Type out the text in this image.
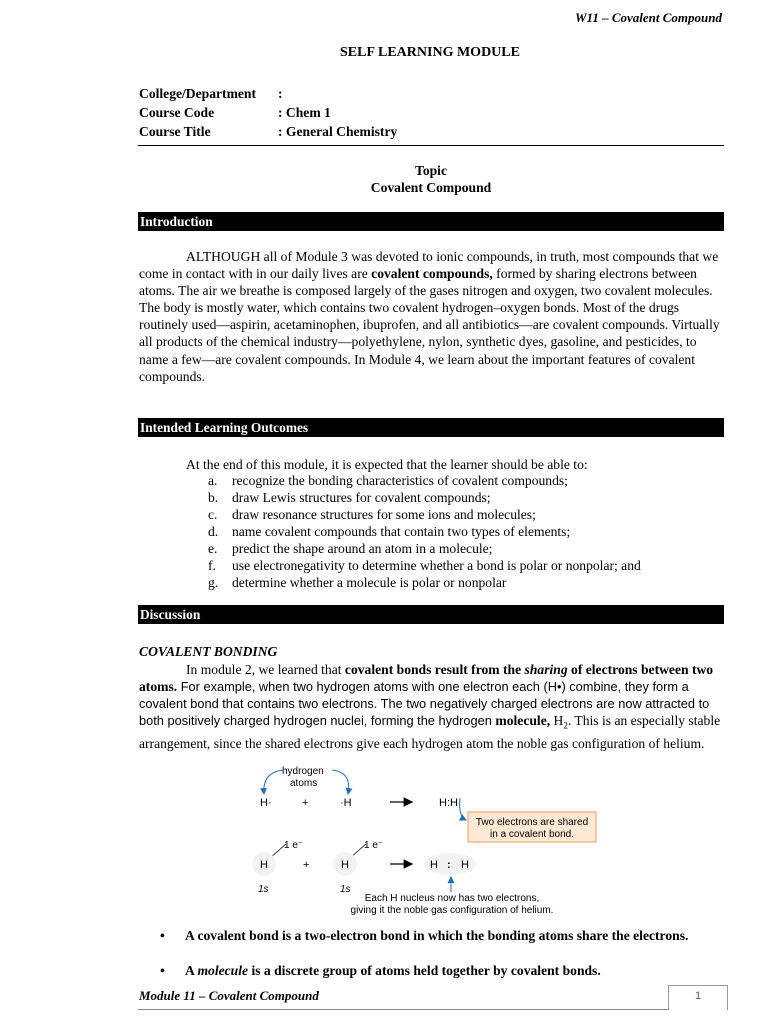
W11 – Covalent Compound
SELF LEARNING MODULE
College/Department :
Course Code	: Chem 1
Course Title	: General Chemistry
Topic
Covalent Compound
Introduction
ALTHOUGH all of Module 3 was devoted to ionic compounds, in truth, most compounds that we come in contact with in our daily lives are covalent compounds, formed by sharing electrons between atoms. The air we breathe is composed largely of the gases nitrogen and oxygen, two covalent molecules. The body is mostly water, which contains two covalent hydrogen–oxygen bonds. Most of the drugs routinely used—aspirin, acetaminophen, ibuprofen, and all antibiotics—are covalent compounds. Virtually all products of the chemical industry—polyethylene, nylon, synthetic dyes, gasoline, and pesticides, to name a few—are covalent compounds. In Module 4, we learn about the important features of covalent compounds.
Intended Learning Outcomes
At the end of this module, it is expected that the learner should be able to:
a. recognize the bonding characteristics of covalent compounds;
b. draw Lewis structures for covalent compounds;
c. draw resonance structures for some ions and molecules;
d. name covalent compounds that contain two types of elements;
e. predict the shape around an atom in a molecule;
f. use electronegativity to determine whether a bond is polar or nonpolar; and
g. determine whether a molecule is polar or nonpolar
Discussion
COVALENT BONDING
In module 2, we learned that covalent bonds result from the sharing of electrons between two atoms. For example, when two hydrogen atoms with one electron each (H•) combine, they form a covalent bond that contains two electrons. The two negatively charged electrons are now attracted to both positively charged hydrogen nuclei, forming the hydrogen molecule, $H_2$. This is an especially stable arrangement, since the shared electrons give each hydrogen atom the noble gas configuration of helium.
hydrogen
atoms
H·	+	·H	H:H
Two electrons are shared
in a covalent bond.
1 e⁻	1 e⁻
H	+	H	H : H
1s	1s
Each H nucleus now has two electrons,
giving it the noble gas configuration of helium.
• A covalent bond is a two-electron bond in which the bonding atoms share the electrons.
• A molecule is a discrete group of atoms held together by covalent bonds.
Module 11 – Covalent Compound	1
